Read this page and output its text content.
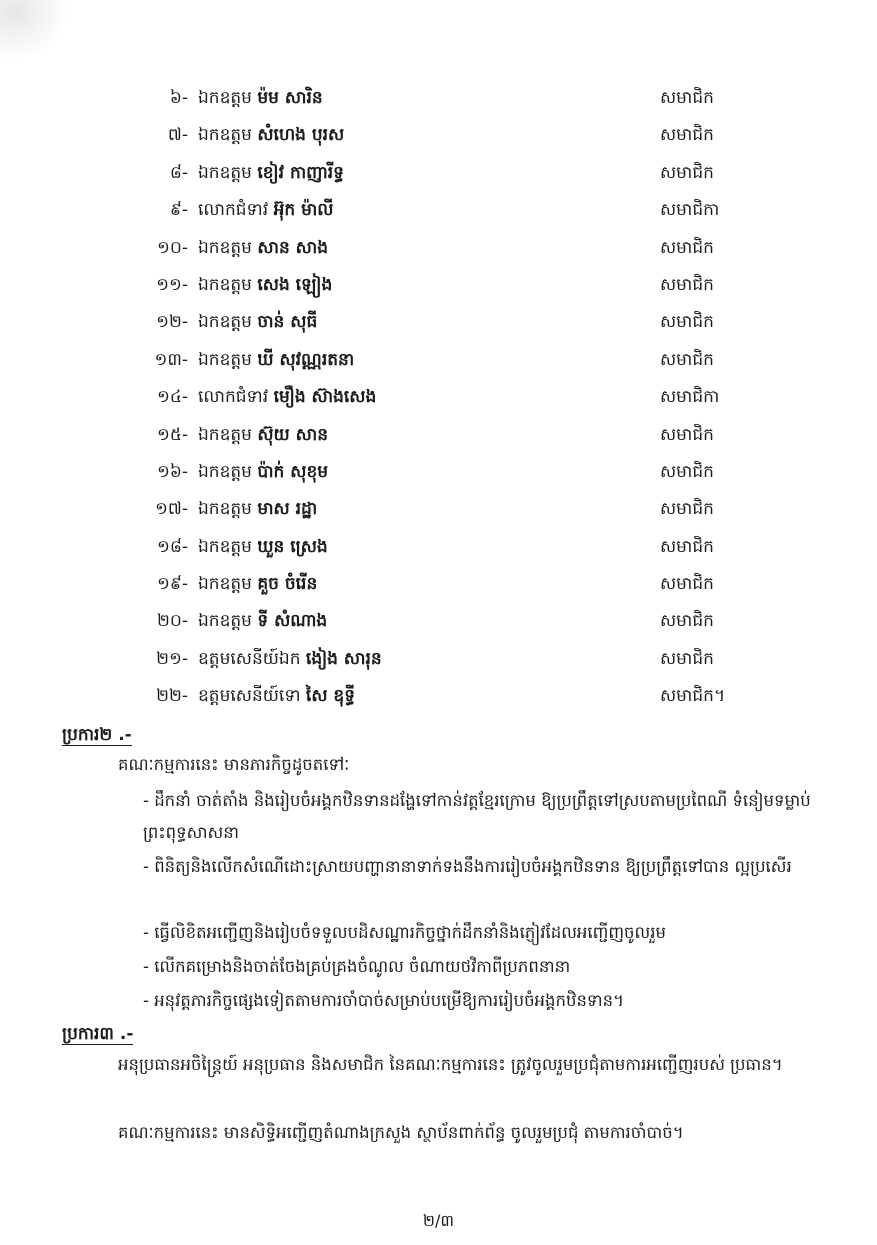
៦- ឯកឧត្តម ម៉ម សារិន	សមាជិក
៧- ឯកឧត្តម សំហេង បុរស	សមាជិក
៨- ឯកឧត្តម ខៀវ កាញារីទ្ធ	សមាជិក
៩- លោកជំទាវ អ៊ុក ម៉ាលី	សមាជិកា
១០- ឯកឧត្តម សាន សាង	សមាជិក
១១- ឯកឧត្តម សេង ឡៀង	សមាជិក
១២- ឯកឧត្តម ចាន់ សុធី	សមាជិក
១៣- ឯកឧត្តម ឃី សុវណ្ណរតនា	សមាជិក
១៤- លោកជំទាវ មឿង ស៊ាងសេង	សមាជិកា
១៥- ឯកឧត្តម ស៊ុយ សាន	សមាជិក
១៦- ឯកឧត្តម ប៉ាក់ សុខុម	សមាជិក
១៧- ឯកឧត្តម មាស រដ្ឋា	សមាជិក
១៨- ឯកឧត្តម ឃួន ស្រេង	សមាជិក
១៩- ឯកឧត្តម គួច ចំរើន	សមាជិក
២០- ឯកឧត្តម ទី សំណាង	សមាជិក
២១- ឧត្តមសេនីយ៍ឯក ងៀង សារុន	សមាជិក
២២- ឧត្តមសេនីយ៍ទោ សៃ ឧុទ្ធី	សមាជិក។
ប្រការ២ .-
គណៈកម្មការនេះ មានភារកិច្ចដូចតទៅៈ
- ដឹកនាំ ចាត់តាំង និងរៀបចំអង្គកឋិនទានដង្ហែទៅកាន់វត្តខ្មែរក្រោម ឱ្យប្រព្រឹត្តទៅស្របតាមប្រពៃណី ទំនៀមទម្លាប់ ព្រះពុទ្ធសាសនា
- ពិនិត្យនិងលើកសំណើដោះស្រាយបញ្ហានានាទាក់ទងនឹងការរៀបចំអង្គកឋិនទាន ឱ្យប្រព្រឹត្តទៅបាន ល្អប្រសើរ
- ធ្វើលិខិតអញ្ជើញនិងរៀបចំទទួលបដិសណ្ឋារកិច្ចថ្នាក់ដឹកនាំនិងភ្ញៀវដែលអញ្ជើញចូលរួម
- លើកគម្រោងនិងចាត់ចែងគ្រប់គ្រងចំណូល ចំណាយថវិកាពីប្រភពនានា
- អនុវត្តភារកិច្ចផ្សេងទៀតតាមការចាំបាច់សម្រាប់បម្រើឱ្យការរៀបចំអង្គកឋិនទាន។
ប្រការ៣ .-
អនុប្រធានអចិន្ត្រៃយ៍ អនុប្រធាន និងសមាជិក នៃគណៈកម្មការនេះ ត្រូវចូលរួមប្រជុំតាមការអញ្ជើញរបស់ ប្រធាន។
គណៈកម្មការនេះ មានសិទ្ធិអញ្ជើញតំណាងក្រសួង ស្ថាប័នពាក់ព័ន្ធ ចូលរួមប្រជុំ តាមការចាំបាច់។
២/៣
